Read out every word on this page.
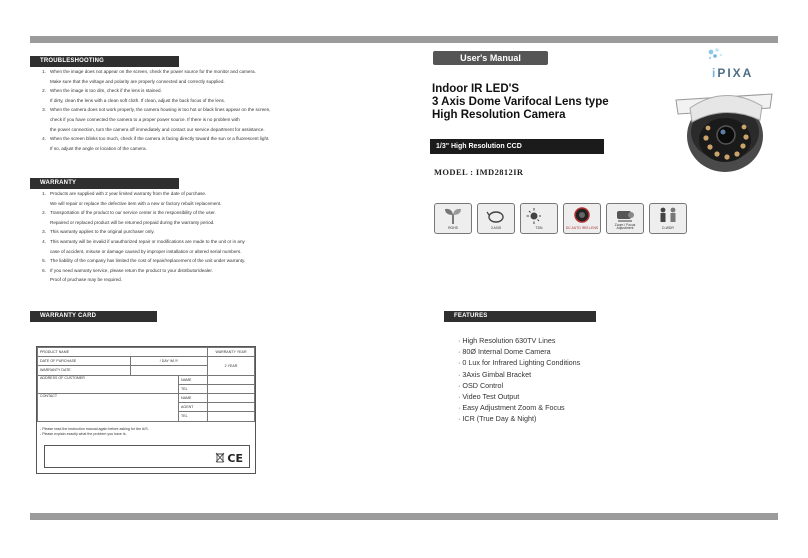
TROUBLESHOOTING
1. When the image does not appear on the screen, check the power source for the monitor and camera.
Make sure that the voltage and polarity are properly connected and correctly supplied.
2. When the image is too dim, check if the lens is stained.
If dirty, clean the lens with a clean soft cloth. If clean, adjust the back focus of the lens.
3. When the camera does not work properly, the camera housing is too hot or black lines appear on the screen,
check if you have connected the camera to a proper power source. If there is no problem with
the power connection, turn the camera off immediately and contact our service department for assistance.
4. When the screen blinks too much, check if the camera is facing directly toward the sun or a fluorescent light.
If so, adjust the angle or location of the camera.
WARRANTY
1. Products are supplied with 2 year limited warranty from the date of purchase.
We will repair or replace the defective item with a new or factory rebuilt replacement.
2. Transportation of the product to our service center is the responsibility of the user.
Repaired or replaced product will be returned prepaid during the warranty period.
3. This warranty applies to the original purchaser only.
4. This warranty will be invalid if unauthorized repair or modifications are made to the unit or in any
case of accident, misuse or damage caused by improper installation or altered serial numbers.
5. The liability of the company has limited the cost of repair/replacement of the unit under warranty.
6. If you need warranty service, please return the product to your distributor/dealer.
Proof of pruchase may be required.
WARRANTY CARD
PRODUCT NAME			WARRANTY YEAR
DATE OF PURCHASE	/ DAY /M /Y		2 YEAR
WARRANTY DATE			
ADDRESS OF CUSTOMER		NAME	
		TEL	
CONTACT		NAME	
		AGENT	
		TEL	
- Please read the instruction manual again before asking for the A/S.
- Please explain exactly what the problem you have is.
CE
User's Manual
iPIXA
Indoor IR LED'S
3 Axis Dome Varifocal Lens type
High Resolution Camera
1/3" High Resolution CCD
MODEL : IMD2812IR
ROHS	3 AXIS	TDN	DC AUTO IRIS LENS
Zoom / Focus Adjustment	D-WDR
FEATURES
· High Resolution 630TV Lines
· 80Ø Internal Dome Camera
· 0 Lux for Infrared Lighting Conditions
· 3Axis Gimbal Bracket
· OSD Control
· Video Test Output
· Easy Adjustment Zoom & Focus
· ICR (True Day & Night)
